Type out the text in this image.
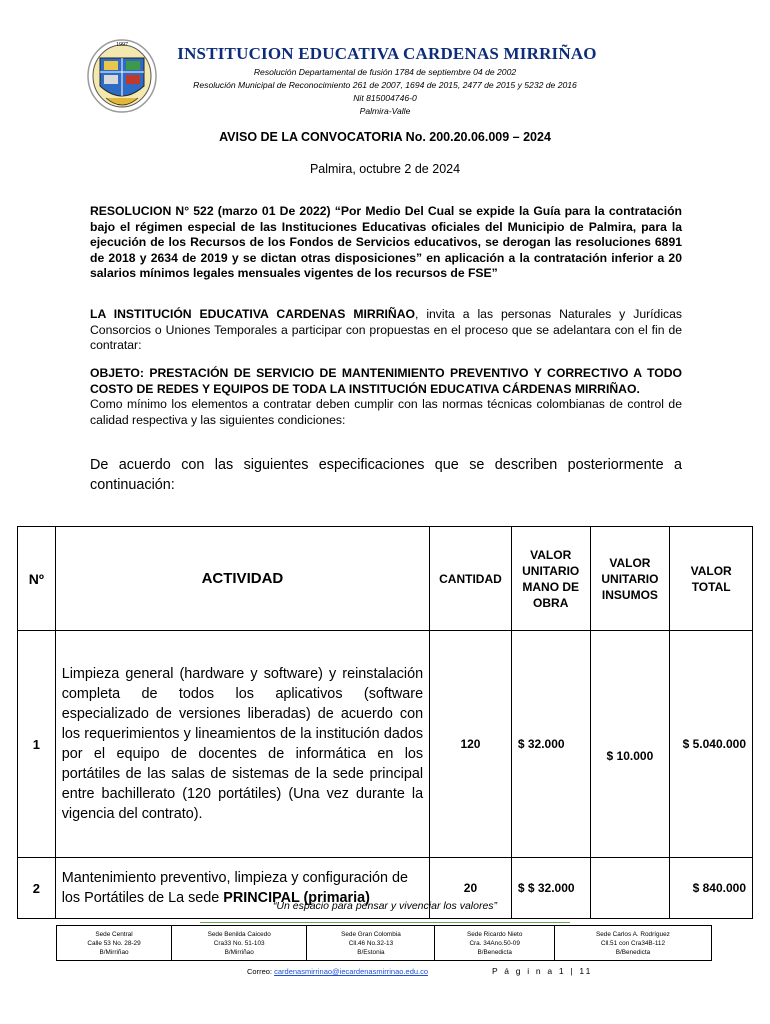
1997	INSTITUCION EDUCATIVA CARDENAS MIRRIÑAO
Resolución Departamental de fusión 1784 de septiembre 04 de 2002
Resolución Municipal de Reconocimiento 261 de 2007, 1694 de 2015, 2477 de 2015 y 5232 de 2016
Nit 815004746-0
Palmira-Valle
AVISO DE LA CONVOCATORIA No. 200.20.06.009 – 2024
Palmira, octubre 2 de 2024
RESOLUCION N° 522 (marzo 01 De 2022) “Por Medio Del Cual se expide la Guía para la contratación bajo el régimen especial de las Instituciones Educativas oficiales del Municipio de Palmira, para la ejecución de los Recursos de los Fondos de Servicios educativos, se derogan las resoluciones 6891 de 2018 y 2634 de 2019 y se dictan otras disposiciones” en aplicación a la contratación inferior a 20 salarios mínimos legales mensuales vigentes de los recursos de FSE”
LA INSTITUCIÓN EDUCATIVA CARDENAS MIRRIÑAO, invita a las personas Naturales y Jurídicas Consorcios o Uniones Temporales a participar con propuestas en el proceso que se adelantara con el fin de contratar:
OBJETO: PRESTACIÓN DE SERVICIO DE MANTENIMIENTO PREVENTIVO Y CORRECTIVO A TODO COSTO DE REDES Y EQUIPOS DE TODA LA INSTITUCIÓN EDUCATIVA CÁRDENAS MIRRIÑAO.
Como mínimo los elementos a contratar deben cumplir con las normas técnicas colombianas de control de calidad respectiva y las siguientes condiciones:
De acuerdo con las siguientes especificaciones que se describen posteriormente a continuación:
Nº	ACTIVIDAD	CANTIDAD	VALOR UNITARIO MANO DE OBRA	VALOR UNITARIO INSUMOS	VALOR TOTAL
1	Limpieza general (hardware y software) y reinstalación completa de todos los aplicativos (software especializado de versiones liberadas) de acuerdo con los requerimientos y lineamientos de la institución dados por el equipo de docentes de informática en los portátiles de las salas de sistemas de la sede principal entre bachillerato (120 portátiles) (Una vez durante la vigencia del contrato).	120	$ 32.000	$ 10.000	$ 5.040.000
2	Mantenimiento preventivo, limpieza y configuración de los Portátiles de La sede PRINCIPAL (primaria)	20	$ $ 32.000		$ 840.000
“Un espacio para pensar y vivenciar los valores”
Sede Central
Calle 53 No. 28-29
B/Mirriñao	Sede Benilda Caicedo
Cra33 No. 51-103
B/Mirriñao	Sede Gran Colombia
Cll.46 No.32-13
B/Estonia	Sede Ricardo Nieto
Cra. 34Ano.50-09
B/Benedicta	Sede Carlos A. Rodríguez
Cll.51 con Cra34B-112
B/Benedicta
Correo: cardenasmirrinao@iecardenasmirrinao.edu.co	P á g i n a 1 | 11
